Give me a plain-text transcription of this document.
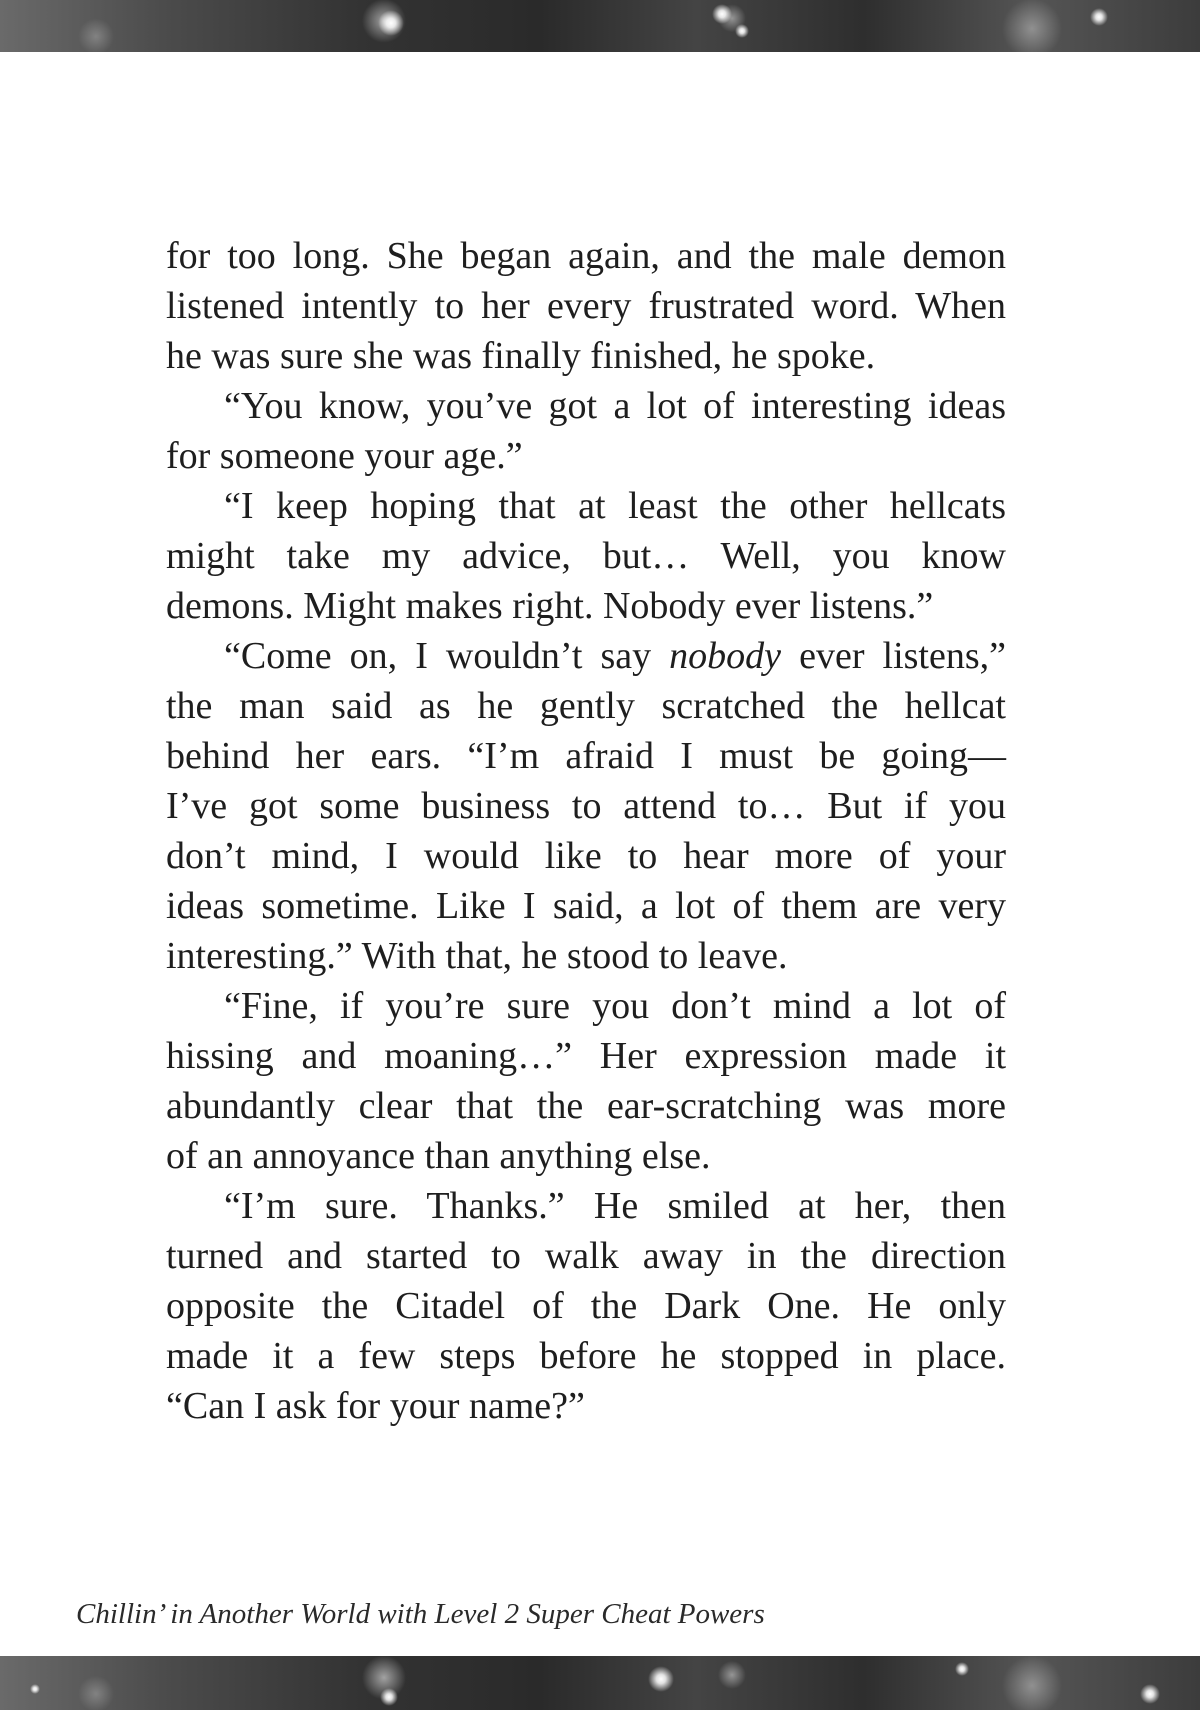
for too long. She began again, and the male demon
listened intently to her every frustrated word. When
he was sure she was finally finished, he spoke.
“You know, you’ve got a lot of interesting ideas
for someone your age.”
“I keep hoping that at least the other hellcats
might take my advice, but… Well, you know
demons. Might makes right. Nobody ever listens.”
“Come on, I wouldn’t say nobody ever listens,”
the man said as he gently scratched the hellcat
behind her ears. “I’m afraid I must be going—
I’ve got some business to attend to… But if you
don’t mind, I would like to hear more of your
ideas sometime. Like I said, a lot of them are very
interesting.” With that, he stood to leave.
“Fine, if you’re sure you don’t mind a lot of
hissing and moaning…” Her expression made it
abundantly clear that the ear-scratching was more
of an annoyance than anything else.
“I’m sure. Thanks.” He smiled at her, then
turned and started to walk away in the direction
opposite the Citadel of the Dark One. He only
made it a few steps before he stopped in place.
“Can I ask for your name?”
Chillin’ in Another World with Level 2 Super Cheat Powers
